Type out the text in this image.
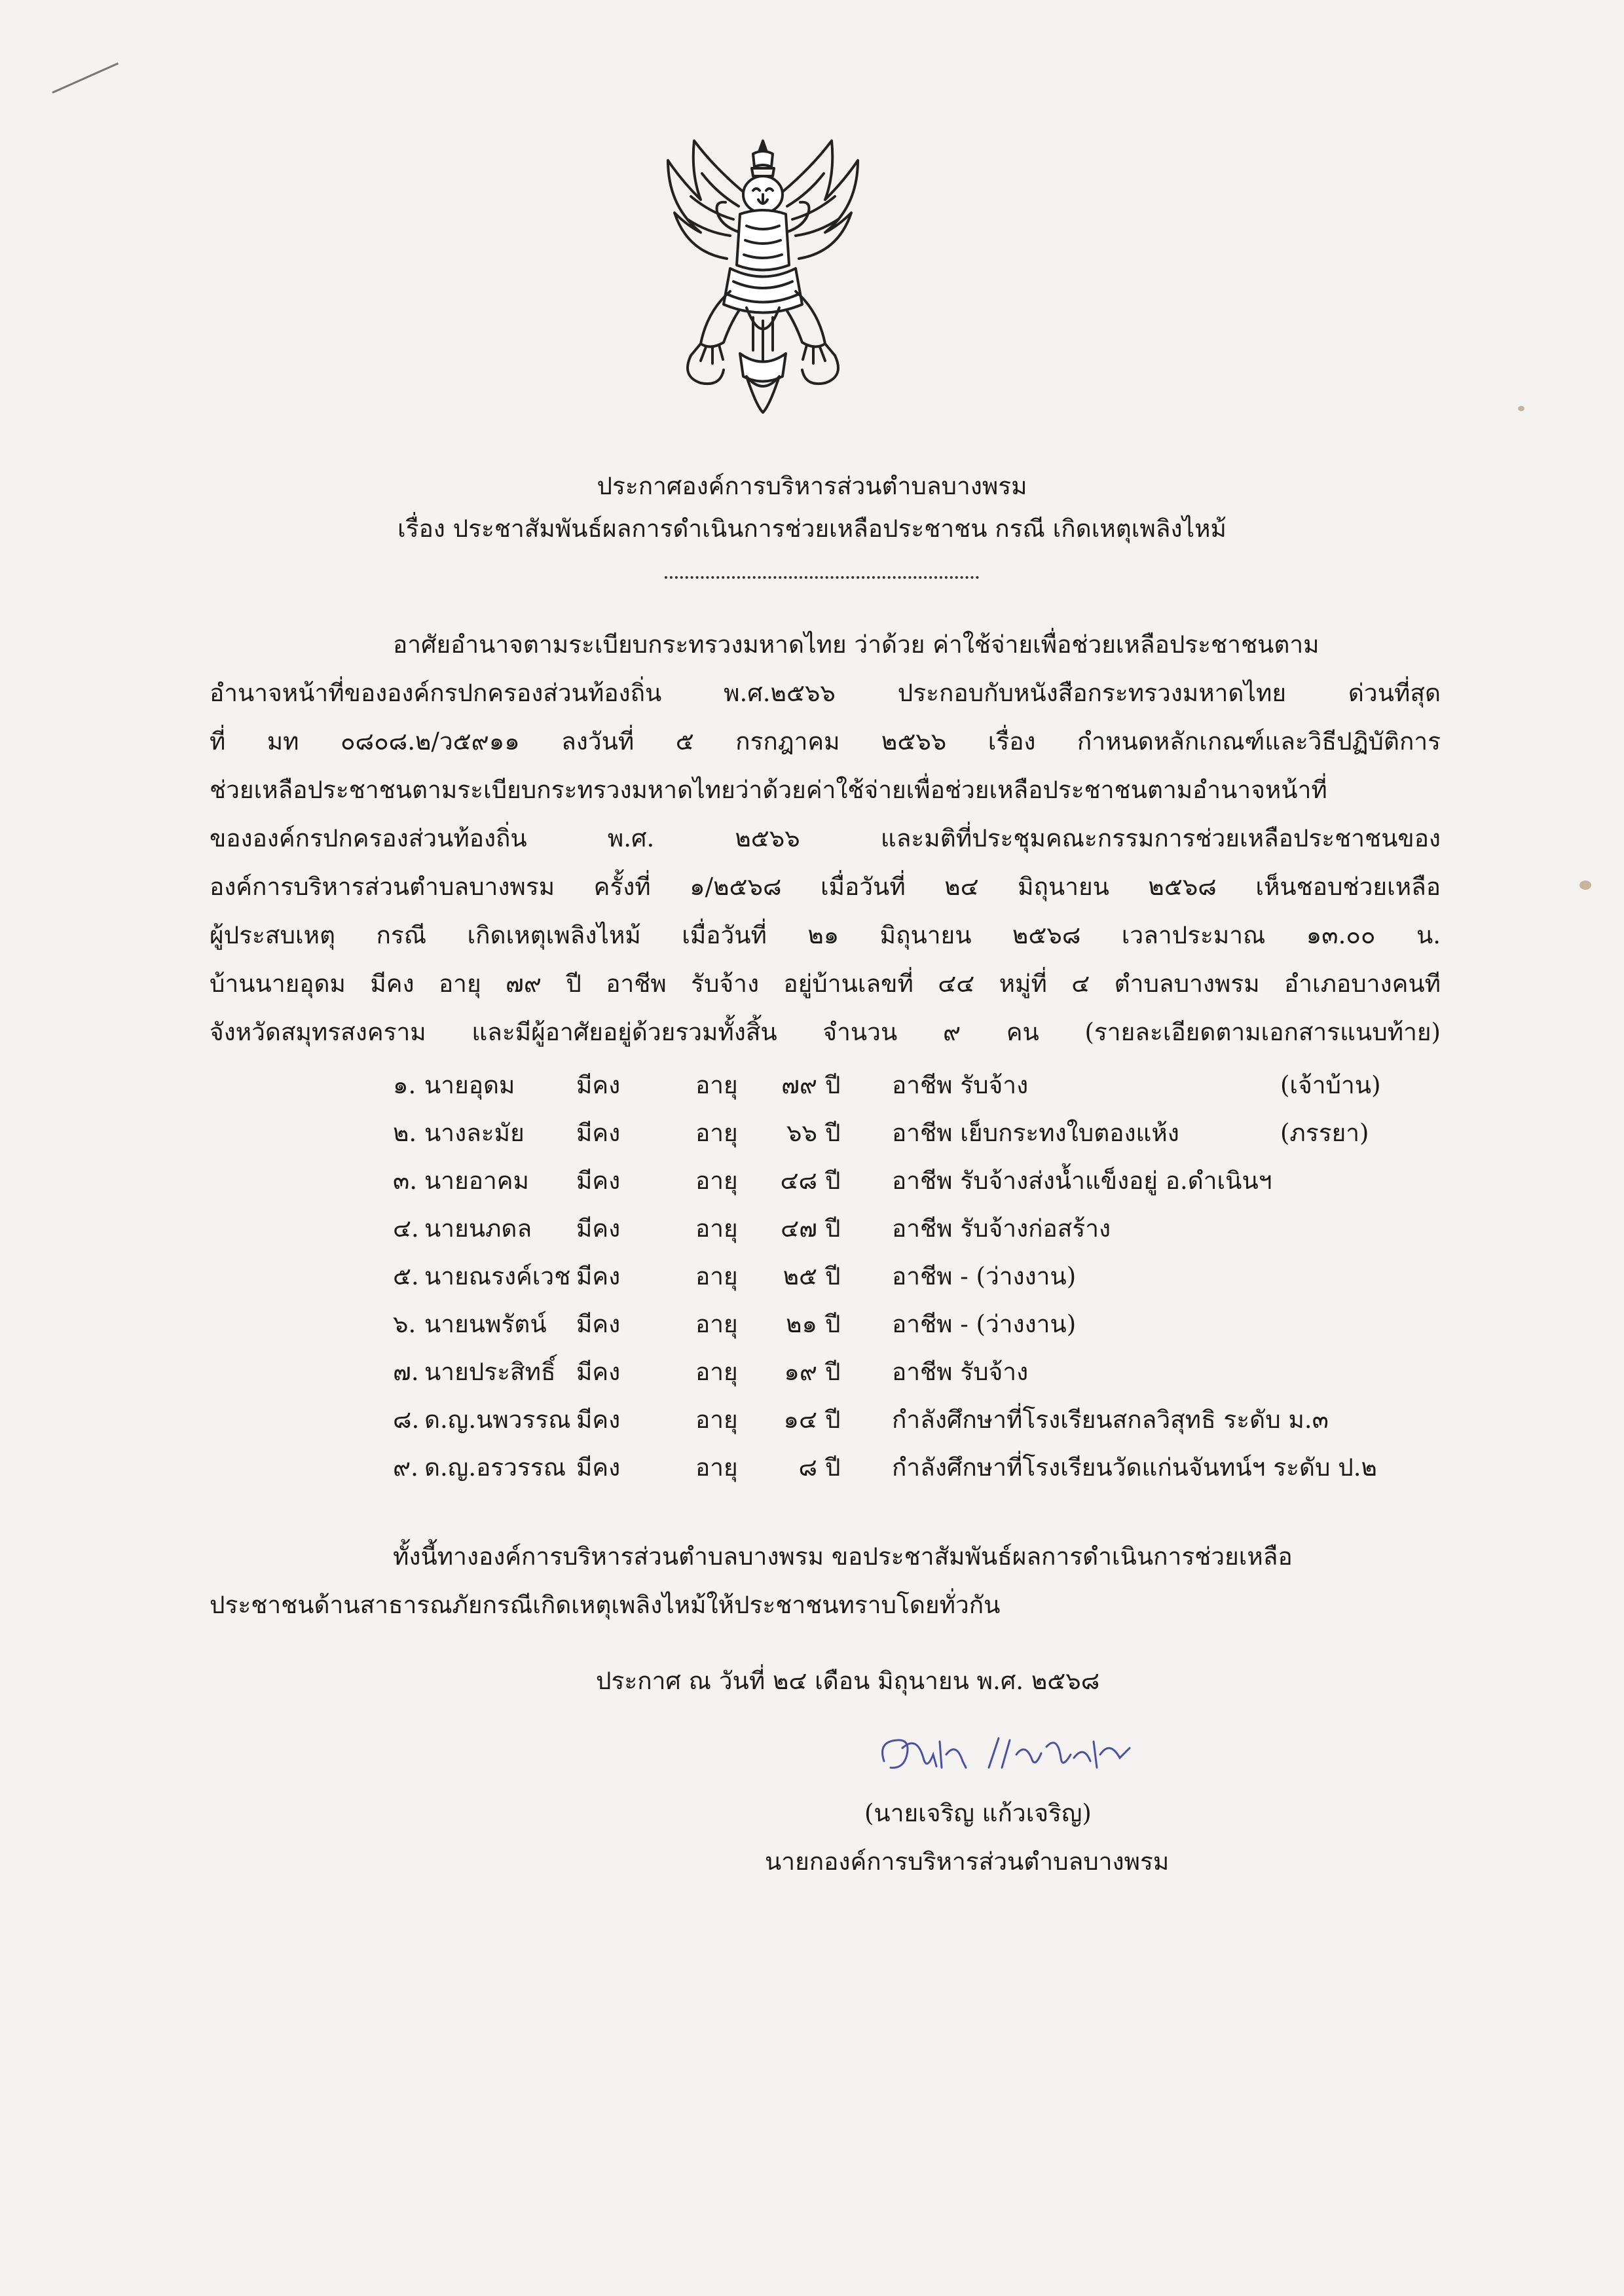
ประกาศองค์การบริหารส่วนตำบลบางพรม
เรื่อง ประชาสัมพันธ์ผลการดำเนินการช่วยเหลือประชาชน กรณี เกิดเหตุเพลิงไหม้
อาศัยอำนาจตามระเบียบกระทรวงมหาดไทย ว่าด้วย ค่าใช้จ่ายเพื่อช่วยเหลือประชาชนตาม
อำนาจหน้าที่ขององค์กรปกครองส่วนท้องถิ่น พ.ศ.๒๕๖๖ ประกอบกับหนังสือกระทรวงมหาดไทย ด่วนที่สุด
ที่ มท ๐๘๐๘.๒/ว๕๙๑๑ ลงวันที่ ๕ กรกฎาคม ๒๕๖๖ เรื่อง กำหนดหลักเกณฑ์และวิธีปฏิบัติการ
ช่วยเหลือประชาชนตามระเบียบกระทรวงมหาดไทยว่าด้วยค่าใช้จ่ายเพื่อช่วยเหลือประชาชนตามอำนาจหน้าที่
ขององค์กรปกครองส่วนท้องถิ่น พ.ศ. ๒๕๖๖ และมติที่ประชุมคณะกรรมการช่วยเหลือประชาชนของ
องค์การบริหารส่วนตำบลบางพรม ครั้งที่ ๑/๒๕๖๘ เมื่อวันที่ ๒๔ มิถุนายน ๒๕๖๘ เห็นชอบช่วยเหลือ
ผู้ประสบเหตุ กรณี เกิดเหตุเพลิงไหม้ เมื่อวันที่ ๒๑ มิถุนายน ๒๕๖๘ เวลาประมาณ ๑๓.๐๐ น.
บ้านนายอุดม มีคง อายุ ๗๙ ปี อาชีพ รับจ้าง อยู่บ้านเลขที่ ๔๔ หมู่ที่ ๔ ตำบลบางพรม อำเภอบางคนที
จังหวัดสมุทรสงคราม และมีผู้อาศัยอยู่ด้วยรวมทั้งสิ้น จำนวน ๙ คน (รายละเอียดตามเอกสารแนบท้าย)
๑. นายอุดม	มีคง	อายุ	๗๙ ปี อาชีพ รับจ้าง	(เจ้าบ้าน)
๒. นางละมัย มีคง	อายุ	๖๖ ปี อาชีพ เย็บกระทงใบตองแห้ง	(ภรรยา)
๓. นายอาคม มีคง	อายุ	๔๘ ปี อาชีพ รับจ้างส่งน้ำแข็งอยู่ อ.ดำเนินฯ
๔. นายนภดล มีคง	อายุ	๔๗ ปี อาชีพ รับจ้างก่อสร้าง
๕. นายณรงค์เวช มีคง	อายุ	๒๕ ปี อาชีพ - (ว่างงาน)
๖. นายนพรัตน์ มีคง	อายุ	๒๑ ปี อาชีพ - (ว่างงาน)
๗. นายประสิทธิ์ มีคง	อายุ	๑๙ ปี อาชีพ รับจ้าง
๘. ด.ญ.นพวรรณ มีคง	อายุ	๑๔ ปี กำลังศึกษาที่โรงเรียนสกลวิสุทธิ ระดับ ม.๓
๙. ด.ญ.อรวรรณ มีคง	อายุ	๘ ปี กำลังศึกษาที่โรงเรียนวัดแก่นจันทน์ฯ ระดับ ป.๒
ทั้งนี้ทางองค์การบริหารส่วนตำบลบางพรม ขอประชาสัมพันธ์ผลการดำเนินการช่วยเหลือ
ประชาชนด้านสาธารณภัยกรณีเกิดเหตุเพลิงไหม้ให้ประชาชนทราบโดยทั่วกัน
ประกาศ ณ วันที่ ๒๔ เดือน มิถุนายน พ.ศ. ๒๕๖๘
(นายเจริญ แก้วเจริญ)
นายกองค์การบริหารส่วนตำบลบางพรม
